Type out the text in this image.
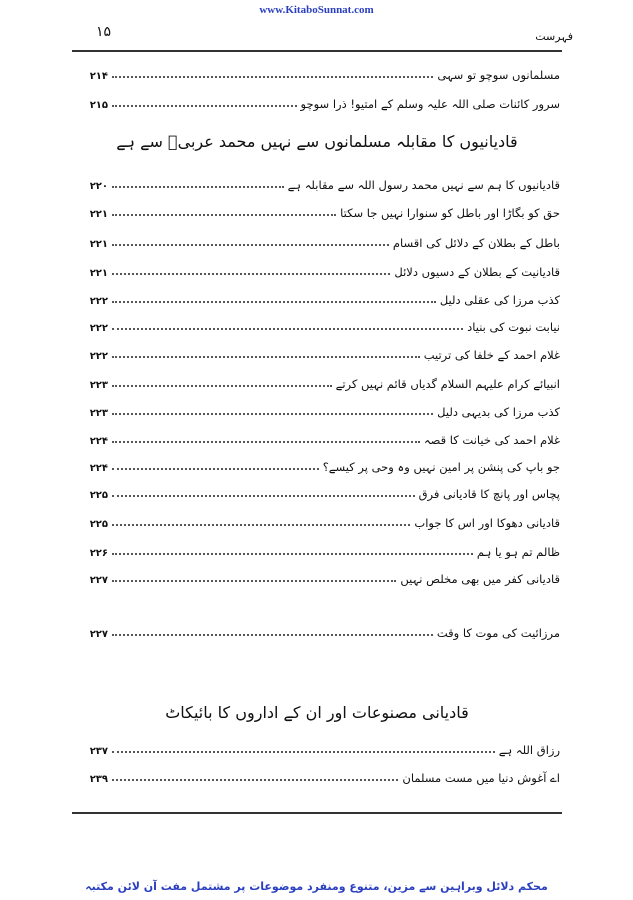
www.KitaboSunnat.com
۱۵	فہرست
مسلمانوں سوچو تو سہی
۲۱۴
سرور کائنات صلی اللہ علیہ وسلم کے امتیو! ذرا سوچو
۲۱۵
قادیانیوں کا مقابلہ مسلمانوں سے نہیں محمد عربیؐ سے ہے
قادیانیوں کا ہم سے نہیں محمد رسول اللہ سے مقابلہ ہے
۲۲۰
حق کو بگاڑا اور باطل کو سنوارا نہیں جا سکتا
۲۲۱
باطل کے بطلان کے دلائل کی اقسام
۲۲۱
قادیانیت کے بطلان کے دسیوں دلائل
۲۲۱
کذب مرزا کی عقلی دلیل
۲۲۲
نیابت نبوت کی بنیاد
۲۲۲
غلام احمد کے خلفا کی ترتیب
۲۲۲
انبیائے کرام علیہم السلام گدیاں قائم نہیں کرتے
۲۲۳
کذب مرزا کی بدیہی دلیل
۲۲۳
غلام احمد کی خیانت کا قصہ
۲۲۴
جو باپ کی پنشن پر امین نہیں وہ وحی پر کیسے؟
۲۲۴
پچاس اور پانچ کا قادیانی فرق
۲۲۵
قادیانی دھوکا اور اس کا جواب
۲۲۵
ظالم تم ہو یا ہم
۲۲۶
قادیانی کفر میں بھی مخلص نہیں
۲۲۷
مرزائیت کی موت کا وقت
۲۲۷
قادیانی مصنوعات اور ان کے اداروں کا بائیکاٹ
رزاق اللہ ہے
۲۳۷
اے آغوش دنیا میں مست مسلمان
۲۳۹
محکم دلائل وبراہین سے مزین، متنوع ومنفرد موضوعات پر مشتمل مفت آن لائن مکتبہ
